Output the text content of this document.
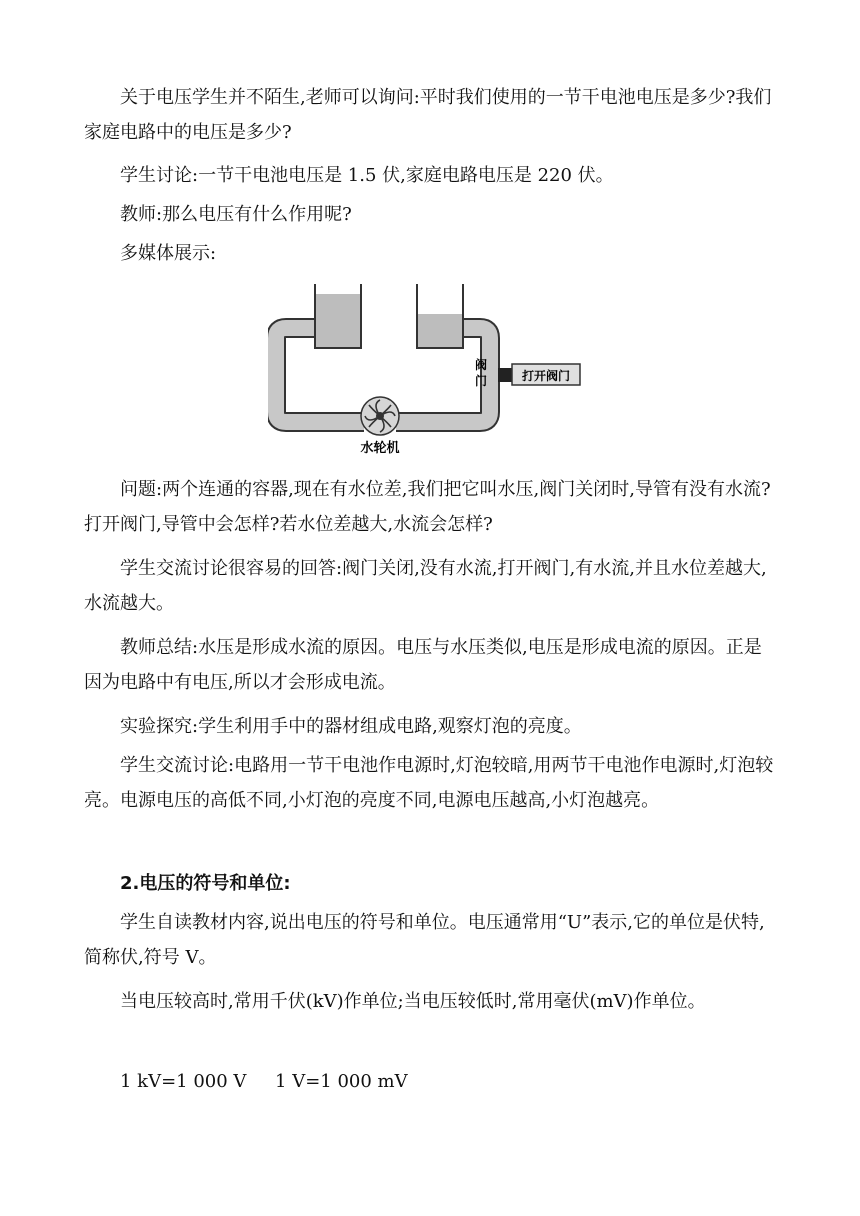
关于电压学生并不陌生,老师可以询问:平时我们使用的一节干电池电压是多少?我们家庭电路中的电压是多少?

学生讨论:一节干电池电压是 1.5 伏,家庭电路电压是 220 伏。

教师:那么电压有什么作用呢?

多媒体展示:

阀
门	打开阀门
水轮机

问题:两个连通的容器,现在有水位差,我们把它叫水压,阀门关闭时,导管有没有水流?打开阀门,导管中会怎样?若水位差越大,水流会怎样?

学生交流讨论很容易的回答:阀门关闭,没有水流,打开阀门,有水流,并且水位差越大,水流越大。

教师总结:水压是形成水流的原因。电压与水压类似,电压是形成电流的原因。正是因为电路中有电压,所以才会形成电流。

实验探究:学生利用手中的器材组成电路,观察灯泡的亮度。

学生交流讨论:电路用一节干电池作电源时,灯泡较暗,用两节干电池作电源时,灯泡较亮。电源电压的高低不同,小灯泡的亮度不同,电源电压越高,小灯泡越亮。

2.电压的符号和单位:

学生自读教材内容,说出电压的符号和单位。电压通常用“U”表示,它的单位是伏特,简称伏,符号 V。

当电压较高时,常用千伏(kV)作单位;当电压较低时,常用毫伏(mV)作单位。

1 kV=1 000 V     1 V=1 000 mV
